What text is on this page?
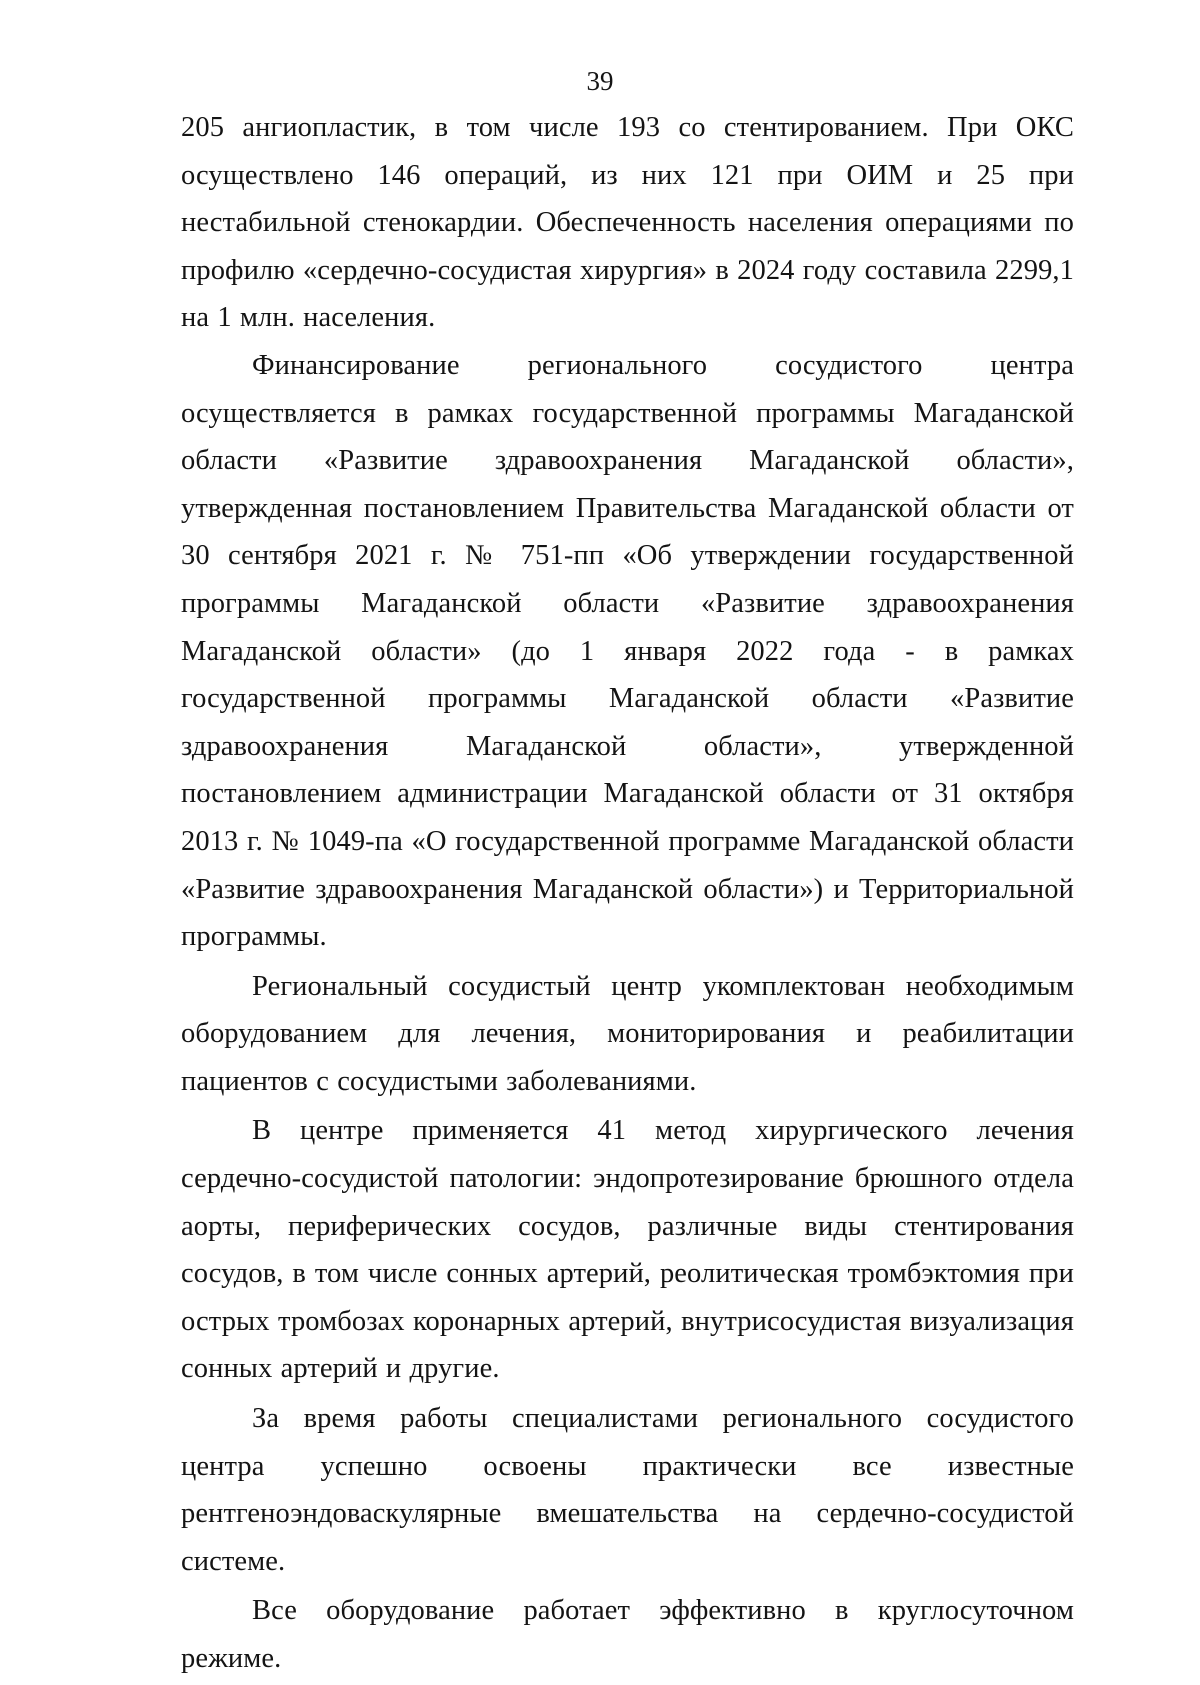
39

205 ангиопластик, в том числе 193 со стентированием. При ОКС осуществлено 146 операций, из них 121 при ОИМ и 25 при нестабильной стенокардии. Обеспеченность населения операциями по профилю «сердечно-сосудистая хирургия» в 2024 году составила 2299,1 на 1 млн. населения.

Финансирование регионального сосудистого центра осуществляется в рамках государственной программы Магаданской области «Развитие здравоохранения Магаданской области», утвержденная постановлением Правительства Магаданской области от 30 сентября 2021 г. № 751-пп «Об утверждении государственной программы Магаданской области «Развитие здравоохранения Магаданской области» (до 1 января 2022 года - в рамках государственной программы Магаданской области «Развитие здравоохранения Магаданской области», утвержденной постановлением администрации Магаданской области от 31 октября 2013 г. № 1049-па «О государственной программе Магаданской области «Развитие здравоохранения Магаданской области») и Территориальной программы.

Региональный сосудистый центр укомплектован необходимым оборудованием для лечения, мониторирования и реабилитации пациентов с сосудистыми заболеваниями.

В центре применяется 41 метод хирургического лечения сердечно-сосудистой патологии: эндопротезирование брюшного отдела аорты, периферических сосудов, различные виды стентирования сосудов, в том числе сонных артерий, реолитическая тромбэктомия при острых тромбозах коронарных артерий, внутрисосудистая визуализация сонных артерий и другие.

За время работы специалистами регионального сосудистого центра успешно освоены практически все известные рентгеноэндоваскулярные вмешательства на сердечно-сосудистой системе.

Все оборудование работает эффективно в круглосуточном режиме.
